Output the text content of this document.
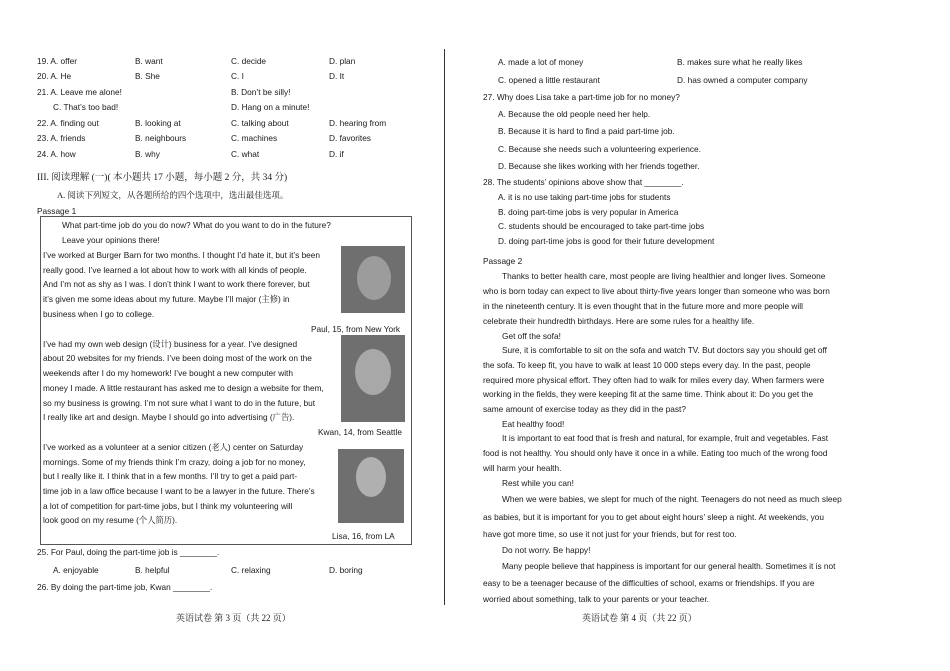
19. A. offer	B. want	C. decide	D. plan
20. A. He	B. She	C. I	D. It
21. A. Leave me alone!	B. Don’t be silly!
C. That’s too bad!	D. Hang on a minute!
22. A. finding out	B. looking at	C. talking about	D. hearing from
23. A. friends	B. neighbours	C. machines	D. favorites
24. A. how	B. why	C. what	D. if
III. 阅读理解 (一)( 本小题共 17 小题，每小题 2 分，共 34 分)
A. 阅读下列短文，从各题所给的四个选项中，选出最佳选项。
Passage 1
What part-time job do you do now? What do you want to do in the future?
Leave your opinions there!
I’ve worked at Burger Barn for two months. I thought I’d hate it, but it’s been
really good. I’ve learned a lot about how to work with all kinds of people.
And I’m not as shy as I was. I don’t think I want to work there forever, but
it’s given me some ideas about my future. Maybe I’ll major (主修) in
business when I go to college.
Paul, 15, from New York
I’ve had my own web design (设计) business for a year. I’ve designed
about 20 websites for my friends. I’ve been doing most of the work on the
weekends after I do my homework! I’ve bought a new computer with
money I made. A little restaurant has asked me to design a website for them,
so my business is growing. I’m not sure what I want to do in the future, but
I really like art and design. Maybe I should go into advertising (广告).
Kwan, 14, from Seattle
I’ve worked as a volunteer at a senior citizen (老人) center on Saturday
mornings. Some of my friends think I’m crazy, doing a job for no money,
but I really like it. I think that in a few months. I’ll try to get a paid part-
time job in a law office because I want to be a lawyer in the future. There’s
a lot of competition for part-time jobs, but I think my volunteering will
look good on my resume (个人简历).
Lisa, 16, from LA
25. For Paul, doing the part-time job is ________.
A. enjoyable	B. helpful	C. relaxing	D. boring
26. By doing the part-time job, Kwan ________.
英语试卷 第 3 页（共 22 页）
A. made a lot of money	B. makes sure what he really likes
C. opened a little restaurant	D. has owned a computer company
27. Why does Lisa take a part-time job for no money?
A. Because the old people need her help.
B. Because it is hard to find a paid part-time job.
C. Because she needs such a volunteering experience.
D. Because she likes working with her friends together.
28. The students’ opinions above show that ________.
A. it is no use taking part-time jobs for students
B. doing part-time jobs is very popular in America
C. students should be encouraged to take part-time jobs
D. doing part-time jobs is good for their future development
Passage 2
Thanks to better health care, most people are living healthier and longer lives. Someone
who is born today can expect to live about thirty-five years longer than someone who was born
in the nineteenth century. It is even thought that in the future more and more people will
celebrate their hundredth birthdays. Here are some rules for a healthy life.
Get off the sofa!
Sure, it is comfortable to sit on the sofa and watch TV. But doctors say you should get off
the sofa. To keep fit, you have to walk at least 10 000 steps every day. In the past, people
required more physical effort. They often had to walk for miles every day. When farmers were
working in the fields, they were keeping fit at the same time. Think about it: Do you get the
same amount of exercise today as they did in the past?
Eat healthy food!
It is important to eat food that is fresh and natural, for example, fruit and vegetables. Fast
food is not healthy. You should only have it once in a while. Eating too much of the wrong food
will harm your health.
Rest while you can!
When we were babies, we slept for much of the night. Teenagers do not need as much sleep
as babies, but it is important for you to get about eight hours’ sleep a night. At weekends, you
have got more time, so use it not just for your friends, but for rest too.
Do not worry. Be happy!
Many people believe that happiness is important for our general health. Sometimes it is not
easy to be a teenager because of the difficulties of school, exams or friendships. If you are
worried about something, talk to your parents or your teacher.
英语试卷 第 4 页（共 22 页）
